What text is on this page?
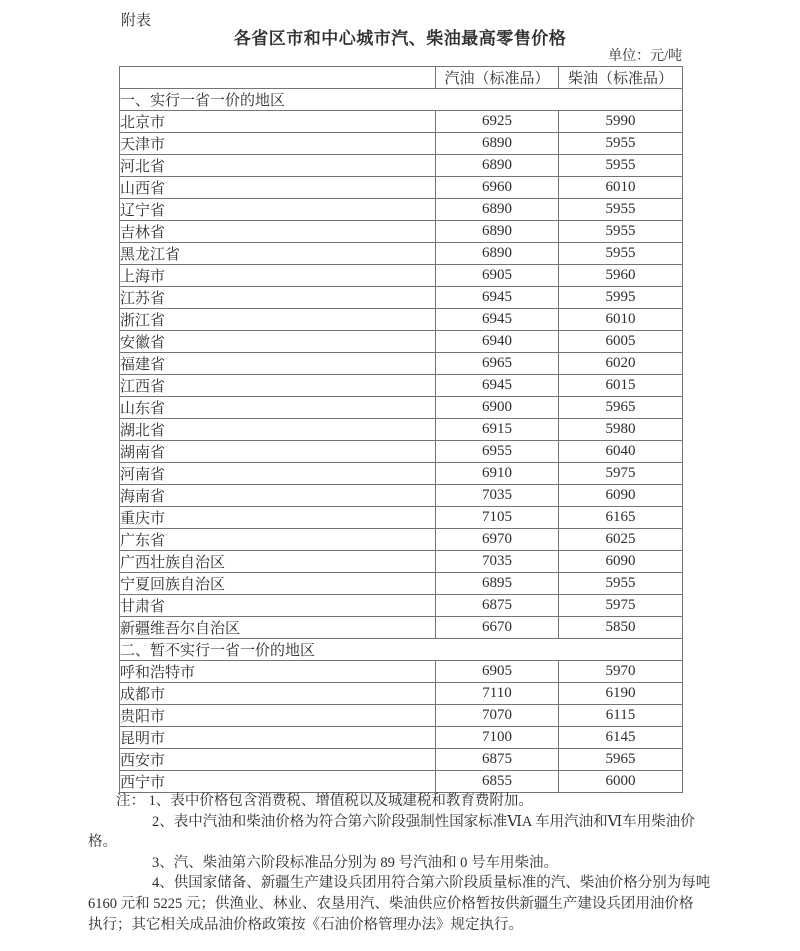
附表
各省区市和中心城市汽、柴油最高零售价格
单位：元/吨
	汽油（标准品）	柴油（标准品）
一、实行一省一价的地区		
北京市	6925	5990
天津市	6890	5955
河北省	6890	5955
山西省	6960	6010
辽宁省	6890	5955
吉林省	6890	5955
黑龙江省	6890	5955
上海市	6905	5960
江苏省	6945	5995
浙江省	6945	6010
安徽省	6940	6005
福建省	6965	6020
江西省	6945	6015
山东省	6900	5965
湖北省	6915	5980
湖南省	6955	6040
河南省	6910	5975
海南省	7035	6090
重庆市	7105	6165
广东省	6970	6025
广西壮族自治区	7035	6090
宁夏回族自治区	6895	5955
甘肃省	6875	5975
新疆维吾尔自治区	6670	5850
二、暂不实行一省一价的地区		
呼和浩特市	6905	5970
成都市	7110	6190
贵阳市	7070	6115
昆明市	7100	6145
西安市	6875	5965
西宁市	6855	6000
注： 1、表中价格包含消费税、增值税以及城建税和教育费附加。
2、表中汽油和柴油价格为符合第六阶段强制性国家标准ⅥA 车用汽油和Ⅵ车用柴油价
格。
3、汽、柴油第六阶段标准品分别为 89 号汽油和 0 号车用柴油。
4、供国家储备、新疆生产建设兵团用符合第六阶段质量标准的汽、柴油价格分别为每吨
6160 元和 5225 元；供渔业、林业、农垦用汽、柴油供应价格暂按供新疆生产建设兵团用油价格
执行；其它相关成品油价格政策按《石油价格管理办法》规定执行。
